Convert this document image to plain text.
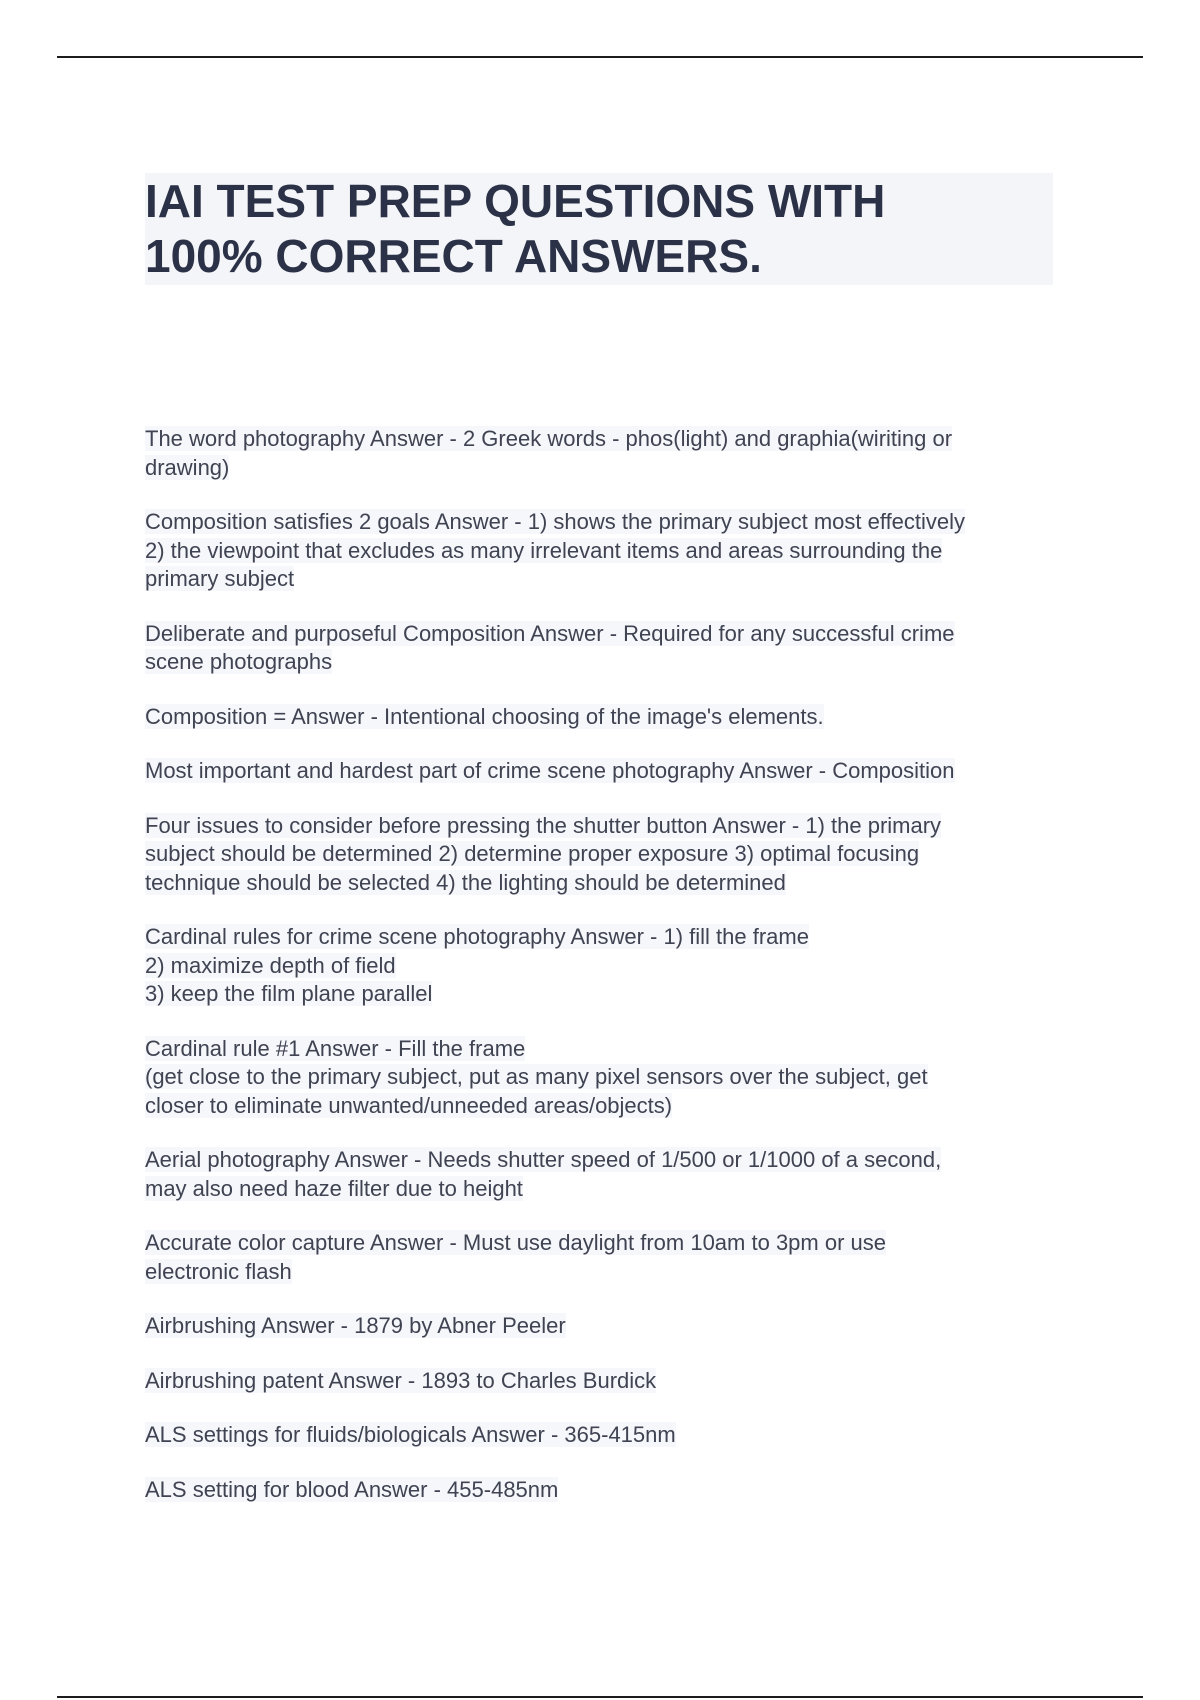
IAI TEST PREP QUESTIONS WITH
100% CORRECT ANSWERS.
The word photography Answer - 2 Greek words - phos(light) and graphia(wiriting or
drawing)
Composition satisfies 2 goals Answer - 1) shows the primary subject most effectively
2) the viewpoint that excludes as many irrelevant items and areas surrounding the
primary subject
Deliberate and purposeful Composition Answer - Required for any successful crime
scene photographs
Composition = Answer - Intentional choosing of the image's elements.
Most important and hardest part of crime scene photography Answer - Composition
Four issues to consider before pressing the shutter button Answer - 1) the primary
subject should be determined 2) determine proper exposure 3) optimal focusing
technique should be selected 4) the lighting should be determined
Cardinal rules for crime scene photography Answer - 1) fill the frame
2) maximize depth of field
3) keep the film plane parallel
Cardinal rule #1 Answer - Fill the frame
(get close to the primary subject, put as many pixel sensors over the subject, get
closer to eliminate unwanted/unneeded areas/objects)
Aerial photography Answer - Needs shutter speed of 1/500 or 1/1000 of a second,
may also need haze filter due to height
Accurate color capture Answer - Must use daylight from 10am to 3pm or use
electronic flash
Airbrushing Answer - 1879 by Abner Peeler
Airbrushing patent Answer - 1893 to Charles Burdick
ALS settings for fluids/biologicals Answer - 365-415nm
ALS setting for blood Answer - 455-485nm
